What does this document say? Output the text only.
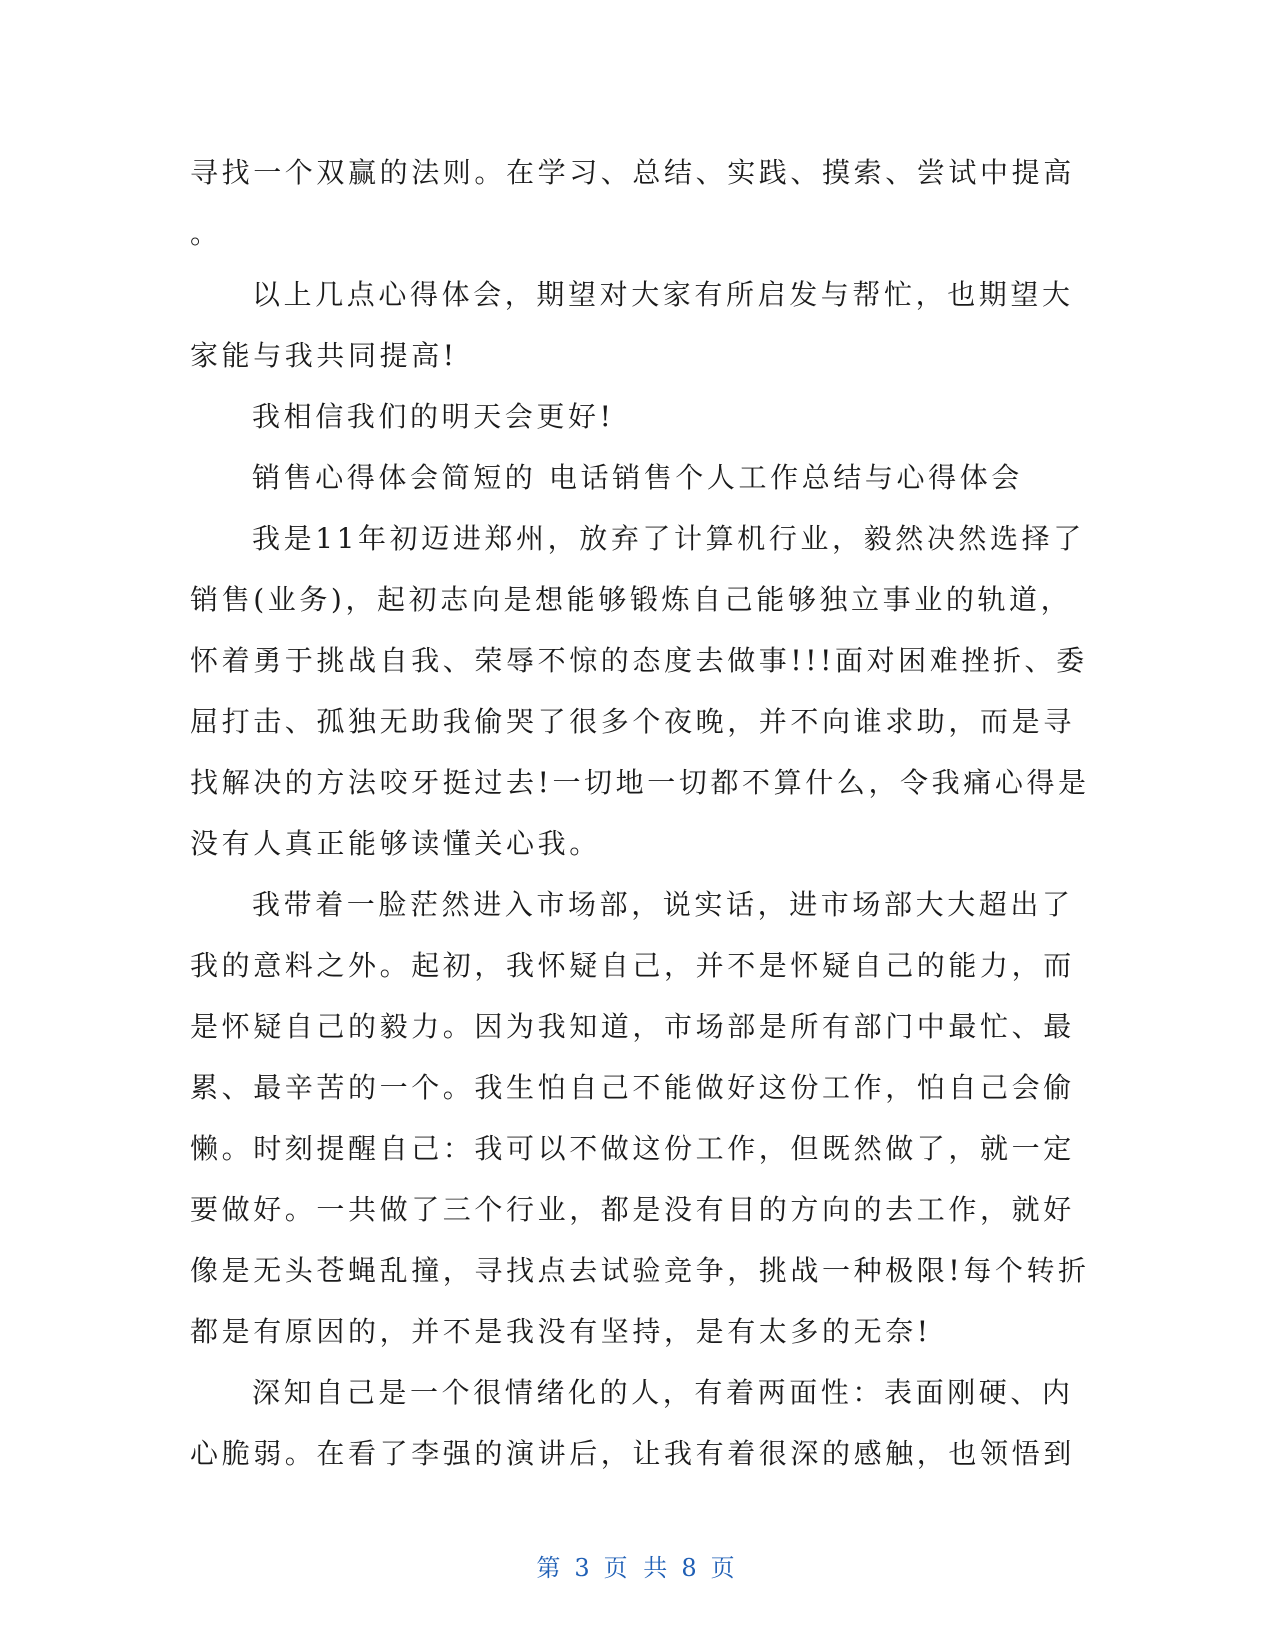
寻找一个双赢的法则。在学习、总结、实践、摸索、尝试中提高
。
以上几点心得体会，期望对大家有所启发与帮忙，也期望大
家能与我共同提高!
我相信我们的明天会更好!
销售心得体会简短的 电话销售个人工作总结与心得体会
我是11年初迈进郑州，放弃了计算机行业，毅然决然选择了
销售(业务)，起初志向是想能够锻炼自己能够独立事业的轨道，
怀着勇于挑战自我、荣辱不惊的态度去做事!!!面对困难挫折、委
屈打击、孤独无助我偷哭了很多个夜晚，并不向谁求助，而是寻
找解决的方法咬牙挺过去!一切地一切都不算什么，令我痛心得是
没有人真正能够读懂关心我。
我带着一脸茫然进入市场部，说实话，进市场部大大超出了
我的意料之外。起初，我怀疑自己，并不是怀疑自己的能力，而
是怀疑自己的毅力。因为我知道，市场部是所有部门中最忙、最
累、最辛苦的一个。我生怕自己不能做好这份工作，怕自己会偷
懒。时刻提醒自己：我可以不做这份工作，但既然做了，就一定
要做好。一共做了三个行业，都是没有目的方向的去工作，就好
像是无头苍蝇乱撞，寻找点去试验竞争，挑战一种极限!每个转折
都是有原因的，并不是我没有坚持，是有太多的无奈!
深知自己是一个很情绪化的人，有着两面性：表面刚硬、内
心脆弱。在看了李强的演讲后，让我有着很深的感触，也领悟到
第 3 页 共 8 页
